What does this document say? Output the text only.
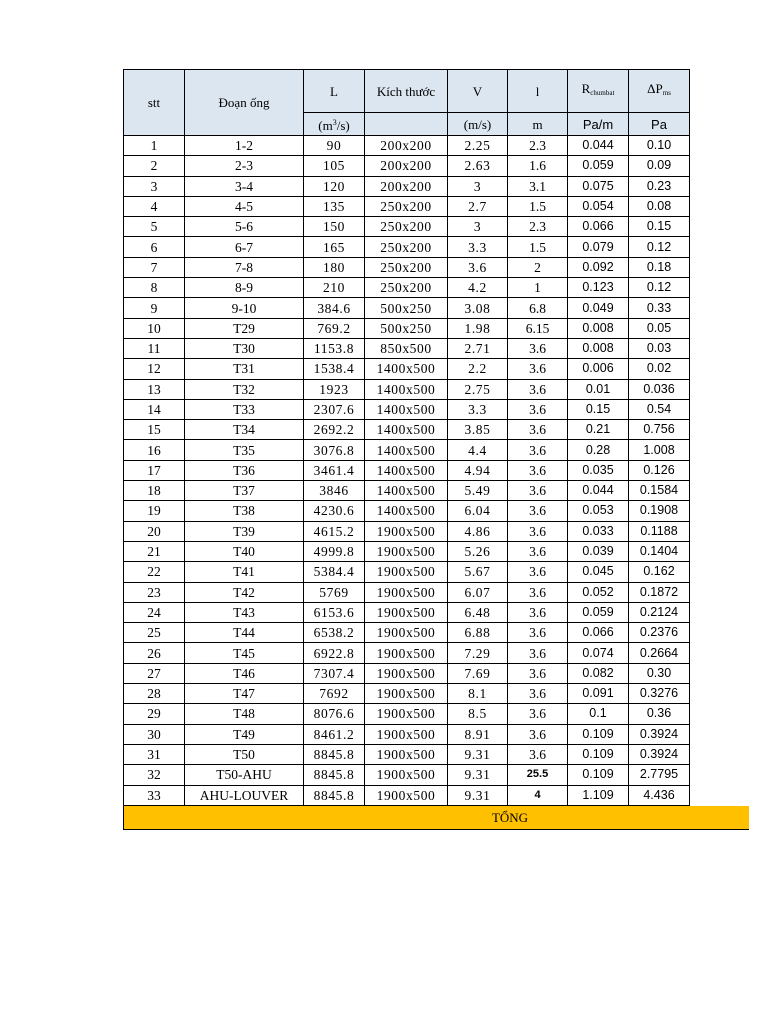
stt	Đoạn ống	L	Kích thước	V	l	$R_{chumbat}$	$\Delta P_{ms}$
		$(m^3/s)$		(m/s)	m	Pa/m	Pa
1	1-2	90	200x200	2.25	2.3	0.044	0.10
2	2-3	105	200x200	2.63	1.6	0.059	0.09
3	3-4	120	200x200	3	3.1	0.075	0.23
4	4-5	135	250x200	2.7	1.5	0.054	0.08
5	5-6	150	250x200	3	2.3	0.066	0.15
6	6-7	165	250x200	3.3	1.5	0.079	0.12
7	7-8	180	250x200	3.6	2	0.092	0.18
8	8-9	210	250x200	4.2	1	0.123	0.12
9	9-10	384.6	500x250	3.08	6.8	0.049	0.33
10	T29	769.2	500x250	1.98	6.15	0.008	0.05
11	T30	1153.8	850x500	2.71	3.6	0.008	0.03
12	T31	1538.4	1400x500	2.2	3.6	0.006	0.02
13	T32	1923	1400x500	2.75	3.6	0.01	0.036
14	T33	2307.6	1400x500	3.3	3.6	0.15	0.54
15	T34	2692.2	1400x500	3.85	3.6	0.21	0.756
16	T35	3076.8	1400x500	4.4	3.6	0.28	1.008
17	T36	3461.4	1400x500	4.94	3.6	0.035	0.126
18	T37	3846	1400x500	5.49	3.6	0.044	0.1584
19	T38	4230.6	1400x500	6.04	3.6	0.053	0.1908
20	T39	4615.2	1900x500	4.86	3.6	0.033	0.1188
21	T40	4999.8	1900x500	5.26	3.6	0.039	0.1404
22	T41	5384.4	1900x500	5.67	3.6	0.045	0.162
23	T42	5769	1900x500	6.07	3.6	0.052	0.1872
24	T43	6153.6	1900x500	6.48	3.6	0.059	0.2124
25	T44	6538.2	1900x500	6.88	3.6	0.066	0.2376
26	T45	6922.8	1900x500	7.29	3.6	0.074	0.2664
27	T46	7307.4	1900x500	7.69	3.6	0.082	0.30
28	T47	7692	1900x500	8.1	3.6	0.091	0.3276
29	T48	8076.6	1900x500	8.5	3.6	0.1	0.36
30	T49	8461.2	1900x500	8.91	3.6	0.109	0.3924
31	T50	8845.8	1900x500	9.31	3.6	0.109	0.3924
32	T50-AHU	8845.8	1900x500	9.31	25.5	0.109	2.7795
33	AHU-LOUVER	8845.8	1900x500	9.31	4	1.109	4.436
TỔNG
